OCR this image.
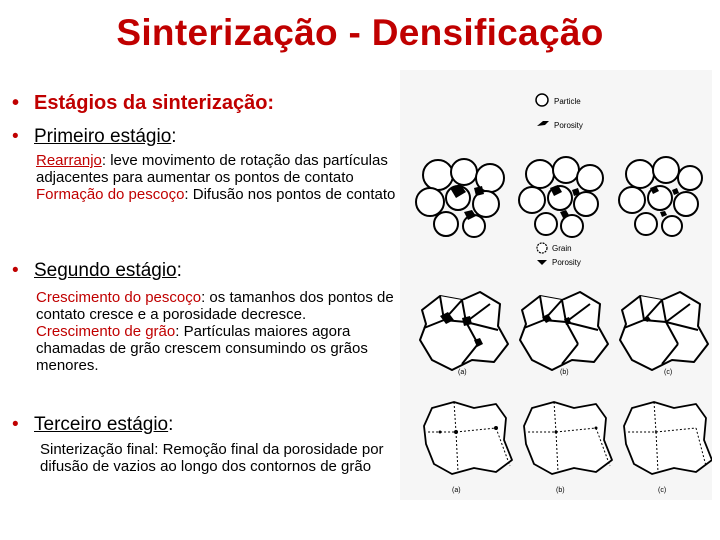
Sinterização - Densificação
• Estágios da sinterização:
• Primeiro estágio:
Rearranjo: leve movimento de rotação das partículas adjacentes para aumentar os pontos de contato
Formação do pescoço: Difusão nos pontos de contato
• Segundo estágio:
Crescimento do pescoço: os tamanhos dos pontos de contato cresce e a porosidade decresce.
Crescimento de grão: Partículas maiores agora chamadas de grão crescem consumindo os grãos menores.
• Terceiro estágio:
Sinterização final: Remoção final da porosidade por difusão de vazios ao longo dos contornos de grão
Particle
Porosity
Grain
Porosity
(a)	(b)	(c)
(a)	(b)	(c)
